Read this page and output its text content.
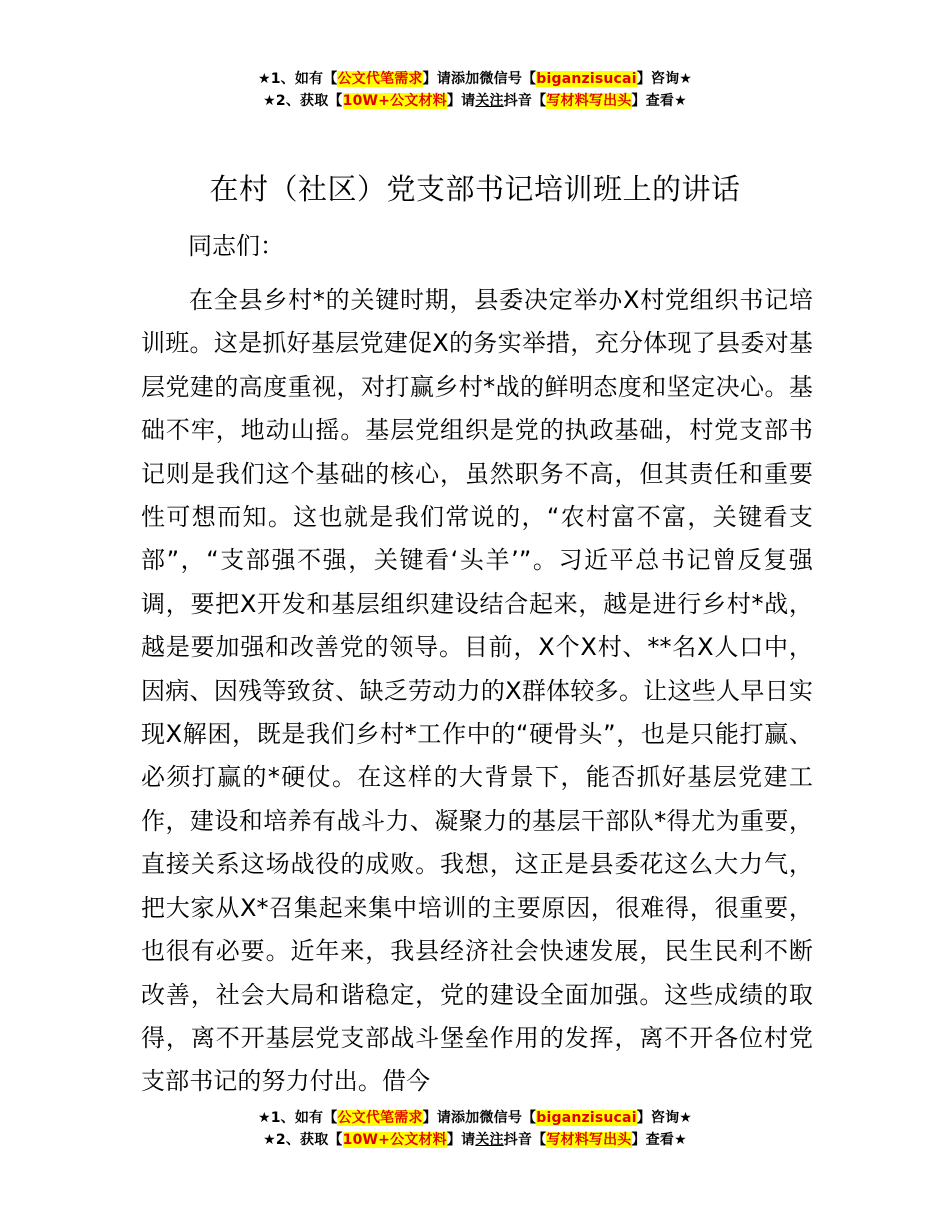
★1、如有【公文代笔需求】请添加微信号【biganzisucai】咨询★
★2、获取【10W+公文材料】请关注抖音【写材料写出头】查看★
在村（社区）党支部书记培训班上的讲话
同志们：
在全县乡村*的关键时期，县委决定举办X村党组织书记培训班。这是抓好基层党建促X的务实举措，充分体现了县委对基层党建的高度重视，对打赢乡村*战的鲜明态度和坚定决心。基础不牢，地动山摇。基层党组织是党的执政基础，村党支部书记则是我们这个基础的核心，虽然职务不高，但其责任和重要性可想而知。这也就是我们常说的，“农村富不富，关键看支部”，“支部强不强，关键看‘头羊’”。习近平总书记曾反复强调，要把X开发和基层组织建设结合起来，越是进行乡村*战，越是要加强和改善党的领导。目前，X个X村、**名X人口中，因病、因残等致贫、缺乏劳动力的X群体较多。让这些人早日实现X解困，既是我们乡村*工作中的“硬骨头”，也是只能打赢、必须打赢的*硬仗。在这样的大背景下，能否抓好基层党建工作，建设和培养有战斗力、凝聚力的基层干部队*得尤为重要，直接关系这场战役的成败。我想，这正是县委花这么大力气，把大家从X*召集起来集中培训的主要原因，很难得，很重要，也很有必要。近年来，我县经济社会快速发展，民生民利不断改善，社会大局和谐稳定，党的建设全面加强。这些成绩的取得，离不开基层党支部战斗堡垒作用的发挥，离不开各位村党支部书记的努力付出。借今
★1、如有【公文代笔需求】请添加微信号【biganzisucai】咨询★
★2、获取【10W+公文材料】请关注抖音【写材料写出头】查看★
